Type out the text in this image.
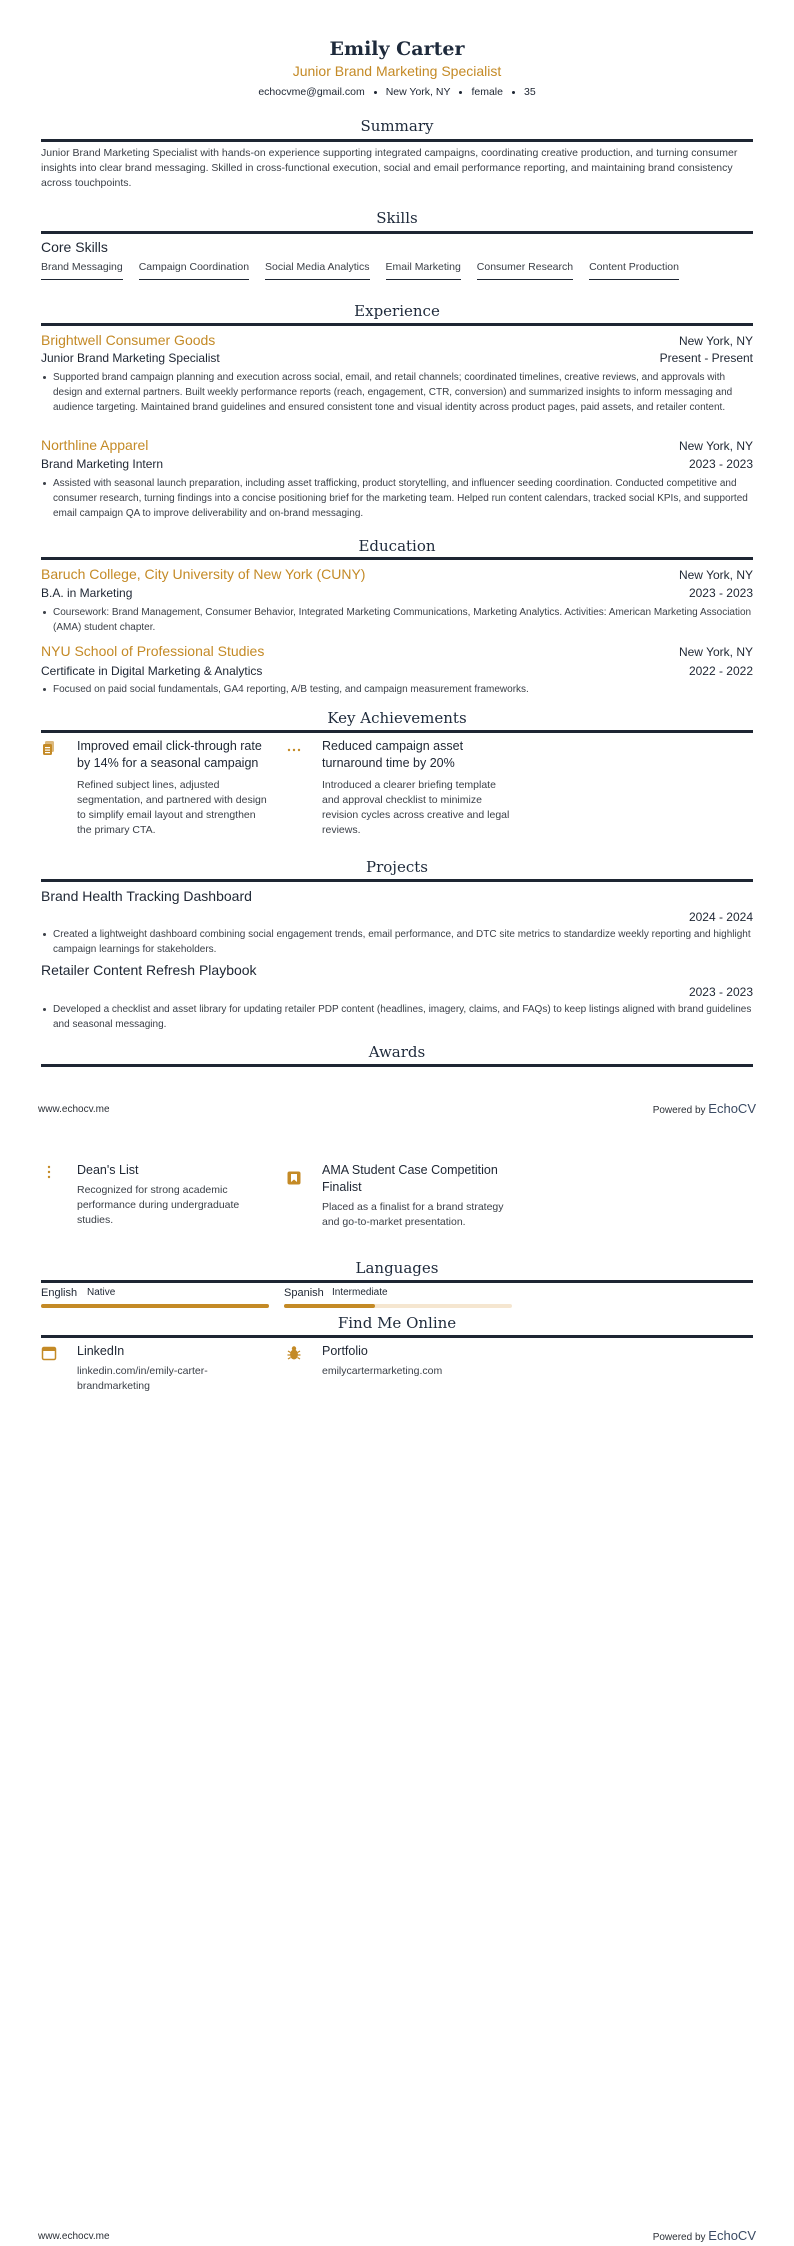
Emily Carter
Junior Brand Marketing Specialist
echocvme@gmail.com New York, NY female 35
Summary
Junior Brand Marketing Specialist with hands-on experience supporting integrated campaigns, coordinating creative production, and turning consumer insights into clear brand messaging. Skilled in cross-functional execution, social and email performance reporting, and maintaining brand consistency across touchpoints.
Skills
Core Skills
Brand Messaging Campaign Coordination Social Media Analytics Email Marketing Consumer Research Content Production
Experience
Brightwell Consumer Goods	New York, NY
Junior Brand Marketing Specialist	Present - Present
Supported brand campaign planning and execution across social, email, and retail channels; coordinated timelines, creative reviews, and approvals with design and external partners. Built weekly performance reports (reach, engagement, CTR, conversion) and summarized insights to inform messaging and audience targeting. Maintained brand guidelines and ensured consistent tone and visual identity across product pages, paid assets, and retailer content.
Northline Apparel	New York, NY
Brand Marketing Intern	2023 - 2023
Assisted with seasonal launch preparation, including asset trafficking, product storytelling, and influencer seeding coordination. Conducted competitive and consumer research, turning findings into a concise positioning brief for the marketing team. Helped run content calendars, tracked social KPIs, and supported email campaign QA to improve deliverability and on-brand messaging.
Education
Baruch College, City University of New York (CUNY)	New York, NY
B.A. in Marketing	2023 - 2023
Coursework: Brand Management, Consumer Behavior, Integrated Marketing Communications, Marketing Analytics. Activities: American Marketing Association (AMA) student chapter.
NYU School of Professional Studies	New York, NY
Certificate in Digital Marketing & Analytics	2022 - 2022
Focused on paid social fundamentals, GA4 reporting, A/B testing, and campaign measurement frameworks.
Key Achievements
Improved email click-through rate by 14% for a seasonal campaign
Refined subject lines, adjusted segmentation, and partnered with design to simplify email layout and strengthen the primary CTA.
Reduced campaign asset turnaround time by 20%
Introduced a clearer briefing template and approval checklist to minimize revision cycles across creative and legal reviews.
Projects
Brand Health Tracking Dashboard
2024 - 2024
Created a lightweight dashboard combining social engagement trends, email performance, and DTC site metrics to standardize weekly reporting and highlight campaign learnings for stakeholders.
Retailer Content Refresh Playbook
2023 - 2023
Developed a checklist and asset library for updating retailer PDP content (headlines, imagery, claims, and FAQs) to keep listings aligned with brand guidelines and seasonal messaging.
Awards
www.echocv.me	Powered by EchoCV
Dean's List
Recognized for strong academic performance during undergraduate studies.
AMA Student Case Competition Finalist
Placed as a finalist for a brand strategy and go-to-market presentation.
Languages
English Native	Spanish Intermediate
Find Me Online
LinkedIn
linkedin.com/in/emily-carter-brandmarketing
Portfolio
emilycartermarketing.com
www.echocv.me	Powered by EchoCV
